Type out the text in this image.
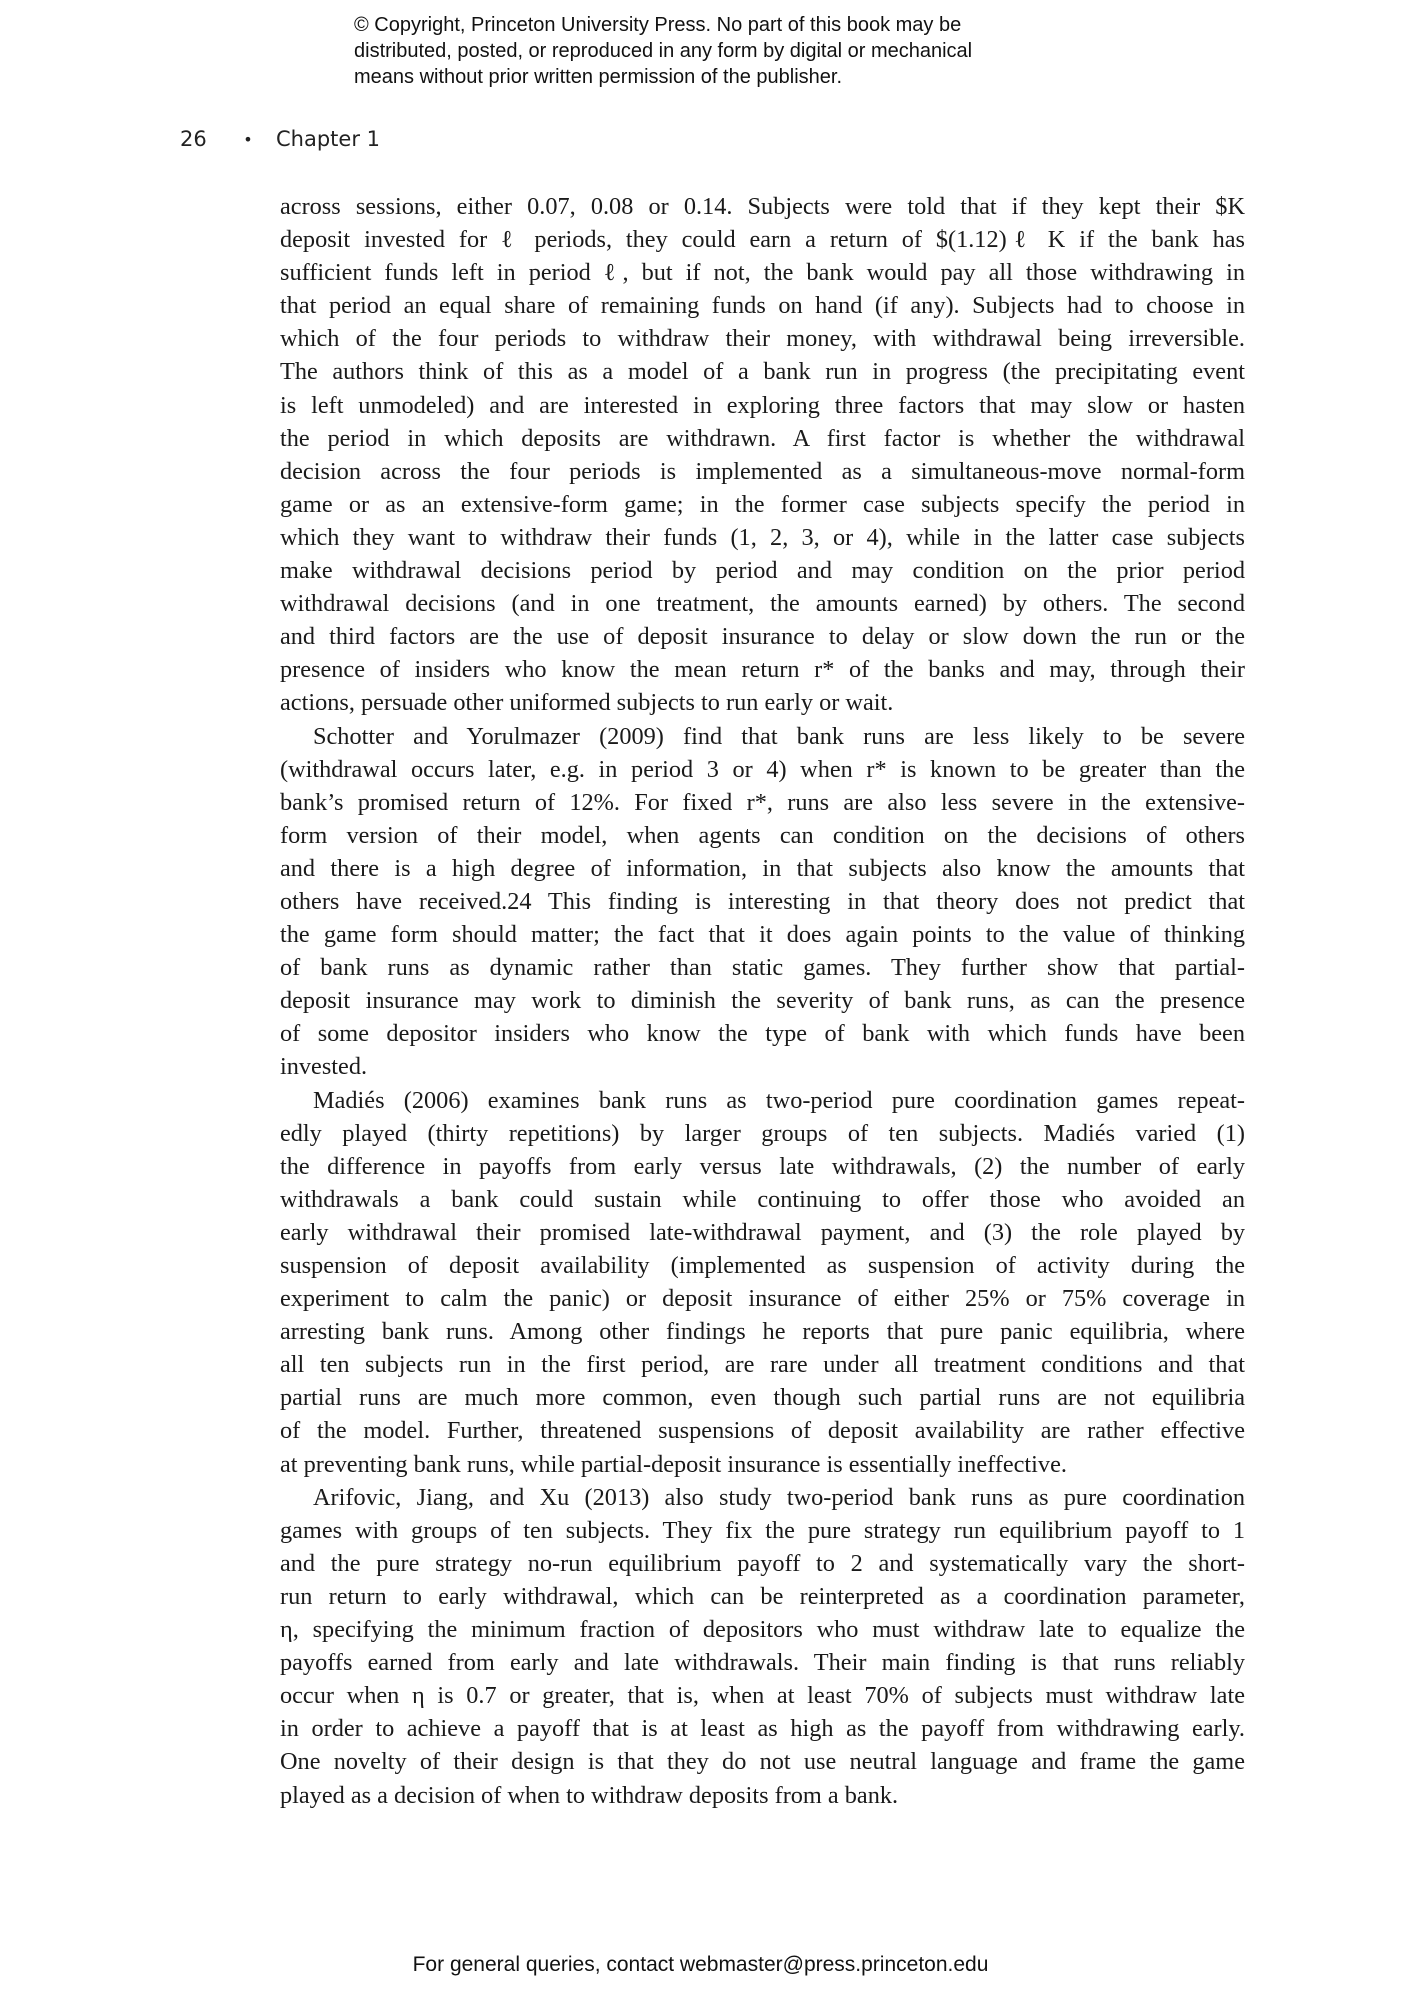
© Copyright, Princeton University Press. No part of this book may be
distributed, posted, or reproduced in any form by digital or mechanical
means without prior written permission of the publisher.
26	•	Chapter 1

across sessions, either 0.07, 0.08 or 0.14. Subjects were told that if they kept their $K
deposit invested for ℓ periods, they could earn a return of $(1.12)ℓ K if the bank has
sufficient funds left in period ℓ, but if not, the bank would pay all those withdrawing in
that period an equal share of remaining funds on hand (if any). Subjects had to choose in
which of the four periods to withdraw their money, with withdrawal being irreversible.
The authors think of this as a model of a bank run in progress (the precipitating event
is left unmodeled) and are interested in exploring three factors that may slow or hasten
the period in which deposits are withdrawn. A first factor is whether the withdrawal
decision across the four periods is implemented as a simultaneous-move normal-form
game or as an extensive-form game; in the former case subjects specify the period in
which they want to withdraw their funds (1, 2, 3, or 4), while in the latter case subjects
make withdrawal decisions period by period and may condition on the prior period
withdrawal decisions (and in one treatment, the amounts earned) by others. The second
and third factors are the use of deposit insurance to delay or slow down the run or the
presence of insiders who know the mean return r* of the banks and may, through their
actions, persuade other uniformed subjects to run early or wait.

Schotter and Yorulmazer (2009) find that bank runs are less likely to be severe
(withdrawal occurs later, e.g. in period 3 or 4) when r* is known to be greater than the
bank’s promised return of 12%. For fixed r*, runs are also less severe in the extensive-
form version of their model, when agents can condition on the decisions of others
and there is a high degree of information, in that subjects also know the amounts that
others have received.24 This finding is interesting in that theory does not predict that
the game form should matter; the fact that it does again points to the value of thinking
of bank runs as dynamic rather than static games. They further show that partial-
deposit insurance may work to diminish the severity of bank runs, as can the presence
of some depositor insiders who know the type of bank with which funds have been
invested.

Madiés (2006) examines bank runs as two-period pure coordination games repeat-
edly played (thirty repetitions) by larger groups of ten subjects. Madiés varied (1)
the difference in payoffs from early versus late withdrawals, (2) the number of early
withdrawals a bank could sustain while continuing to offer those who avoided an
early withdrawal their promised late-withdrawal payment, and (3) the role played by
suspension of deposit availability (implemented as suspension of activity during the
experiment to calm the panic) or deposit insurance of either 25% or 75% coverage in
arresting bank runs. Among other findings he reports that pure panic equilibria, where
all ten subjects run in the first period, are rare under all treatment conditions and that
partial runs are much more common, even though such partial runs are not equilibria
of the model. Further, threatened suspensions of deposit availability are rather effective
at preventing bank runs, while partial-deposit insurance is essentially ineffective.

Arifovic, Jiang, and Xu (2013) also study two-period bank runs as pure coordination
games with groups of ten subjects. They fix the pure strategy run equilibrium payoff to 1
and the pure strategy no-run equilibrium payoff to 2 and systematically vary the short-
run return to early withdrawal, which can be reinterpreted as a coordination parameter,
η, specifying the minimum fraction of depositors who must withdraw late to equalize the
payoffs earned from early and late withdrawals. Their main finding is that runs reliably
occur when η is 0.7 or greater, that is, when at least 70% of subjects must withdraw late
in order to achieve a payoff that is at least as high as the payoff from withdrawing early.
One novelty of their design is that they do not use neutral language and frame the game
played as a decision of when to withdraw deposits from a bank.

For general queries, contact webmaster@press.princeton.edu
